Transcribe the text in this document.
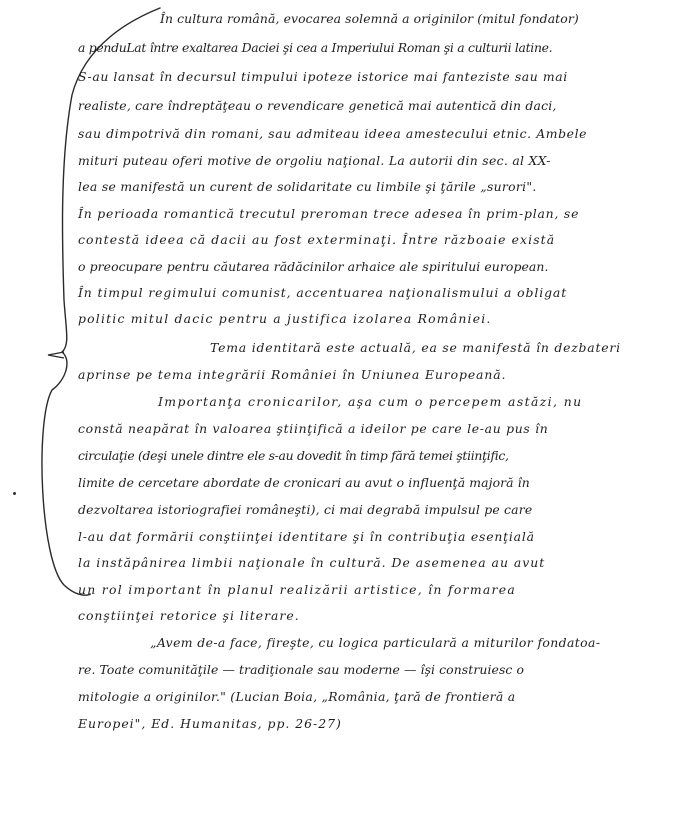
În cultura română, evocarea solemnă a originilor (mitul fondator)
a penduLat între exaltarea Daciei şi cea a Imperiului Roman şi a culturii latine.
S-au lansat în decursul timpului ipoteze istorice mai fanteziste sau mai
realiste, care îndreptăţeau o revendicare genetică mai autentică din daci,
sau dimpotrivă din romani, sau admiteau ideea amestecului etnic. Ambele
mituri puteau oferi motive de orgoliu naţional. La autorii din sec. al XX-
lea se manifestă un curent de solidaritate cu limbile şi ţările „surori".
În perioada romantică trecutul preroman trece adesea în prim-plan, se
contestă ideea că dacii au fost exterminaţi. Între războaie există
o preocupare pentru căutarea rădăcinilor arhaice ale spiritului european.
În timpul regimului comunist, accentuarea naţionalismului a obligat
politic mitul dacic pentru a justifica izolarea României.
Tema identitară este actuală, ea se manifestă în dezbateri
aprinse pe tema integrării României în Uniunea Europeană.
Importanţa cronicarilor, aşa cum o percepem astăzi, nu
constă neapărat în valoarea ştiinţifică a ideilor pe care le-au pus în
circulaţie (deşi unele dintre ele s-au dovedit în timp fără temei ştiinţific,
limite de cercetare abordate de cronicari au avut o influenţă majoră în
dezvoltarea istoriografiei româneşti), ci mai degrabă impulsul pe care
l-au dat formării conştiinţei identitare şi în contribuţia esenţială
la instăpânirea limbii naţionale în cultură. De asemenea au avut
un rol important în planul realizării artistice, în formarea
conştiinţei retorice şi literare.
„Avem de-a face, fireşte, cu logica particulară a miturilor fondatoa-
re. Toate comunităţile — tradiţionale sau moderne — îşi construiesc o
mitologie a originilor." (Lucian Boia, „România, ţară de frontieră a
Europei", Ed. Humanitas, pp. 26-27)
